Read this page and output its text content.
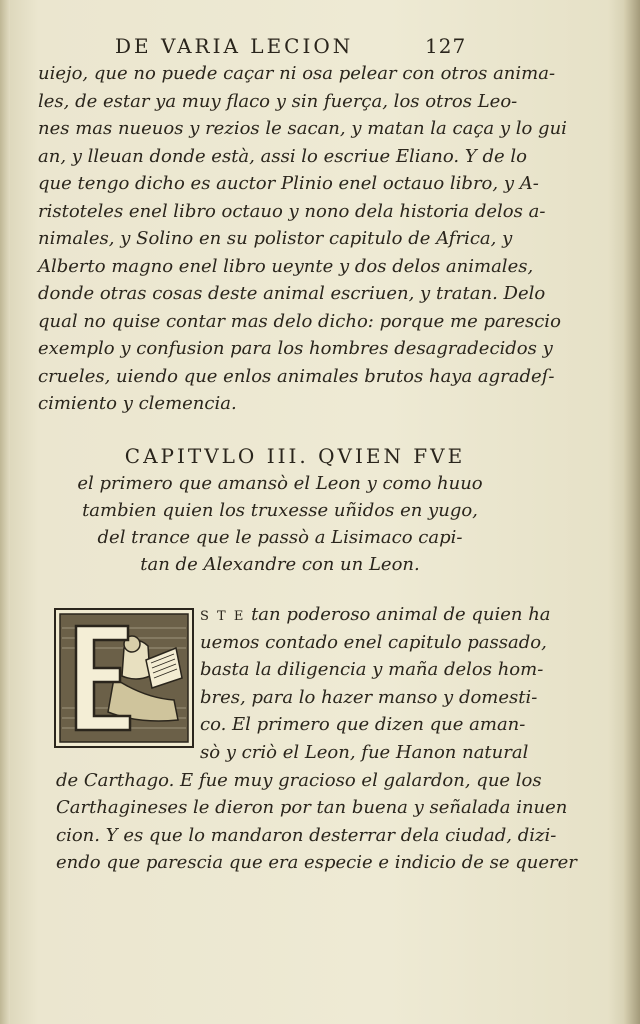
DE VARIA LECION	127
uiejo, que no puede caçar ni osa pelear con otros anima-
les, de estar ya muy flaco y sin fuerça, los otros Leo-
nes mas nueuos y rezios le sacan, y matan la caça y lo gui
an, y lleuan donde està, assi lo escriue Eliano. Y de lo
que tengo dicho es auctor Plinio enel octauo libro, y A-
ristoteles enel libro octauo y nono dela historia delos a-
nimales, y Solino en su polistor capitulo de Africa, y
Alberto magno enel libro ueynte y dos delos animales,
donde otras cosas deste animal escriuen, y tratan. Delo
qual no quise contar mas delo dicho: porque me parescio
exemplo y confusion para los hombres desagradecidos y
crueles, uiendo que enlos animales brutos haya agradeſ-
cimiento y clemencia.
CAPITVLO III. QVIEN FVE
el primero que amansò el Leon y como huuo
tambien quien los truxesse uñidos en yugo,
del trance que le passò a Lisimaco capi-
tan de Alexandre con un Leon.
S T E tan poderoso animal de quien ha
uemos contado enel capitulo passado,
basta la diligencia y maña delos hom-
bres, para lo hazer manso y domesti-
co. El primero que dizen que aman-
sò y criò el Leon, fue Hanon natural
de Carthago. E fue muy gracioso el galardon, que los
Carthagineses le dieron por tan buena y señalada inuen
cion. Y es que lo mandaron desterrar dela ciudad, dizi-
endo que parescia que era especie e indicio de se querer
